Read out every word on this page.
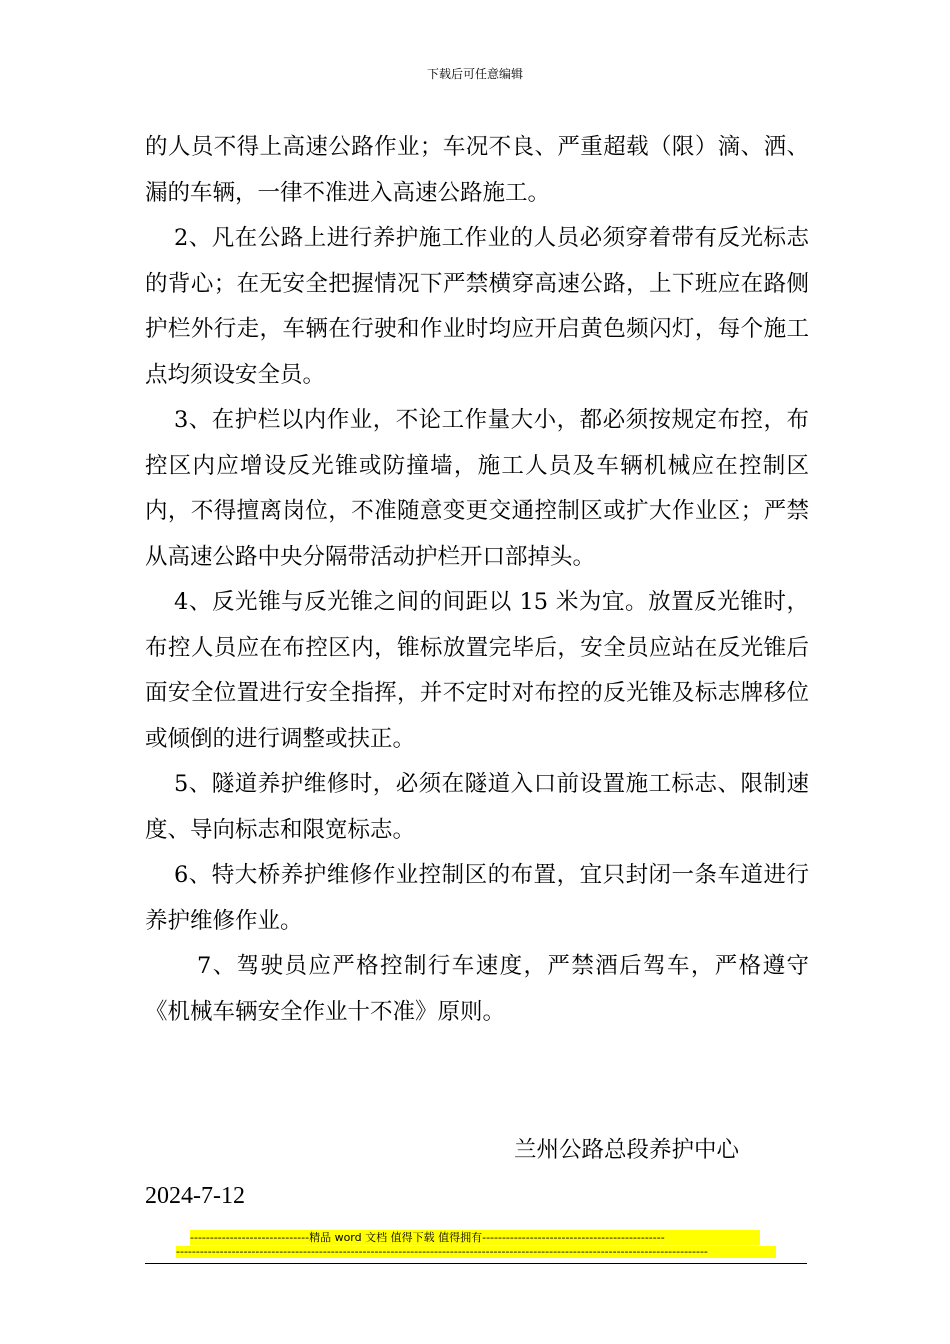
下载后可任意编辑

的人员不得上高速公路作业；车况不良、严重超载（限）滴、洒、漏的车辆，一律不准进入高速公路施工。

2、凡在公路上进行养护施工作业的人员必须穿着带有反光标志的背心；在无安全把握情况下严禁横穿高速公路，上下班应在路侧护栏外行走，车辆在行驶和作业时均应开启黄色频闪灯，每个施工点均须设安全员。

3、在护栏以内作业，不论工作量大小，都必须按规定布控，布控区内应增设反光锥或防撞墙，施工人员及车辆机械应在控制区内，不得擅离岗位，不准随意变更交通控制区或扩大作业区；严禁从高速公路中央分隔带活动护栏开口部掉头。

4、反光锥与反光锥之间的间距以 15 米为宜。放置反光锥时，布控人员应在布控区内，锥标放置完毕后，安全员应站在反光锥后面安全位置进行安全指挥，并不定时对布控的反光锥及标志牌移位或倾倒的进行调整或扶正。

5、隧道养护维修时，必须在隧道入口前设置施工标志、限制速度、导向标志和限宽标志。

6、特大桥养护维修作业控制区的布置，宜只封闭一条车道进行养护维修作业。

7、驾驶员应严格控制行车速度，严禁酒后驾车，严格遵守《机械车辆安全作业十不准》原则。

兰州公路总段养护中心
2024-7-12
------------------------------精品 word 文档 值得下载 值得拥有----------------------------------------------
--------------------------------------------------------------------------------------------------------------------------------------
